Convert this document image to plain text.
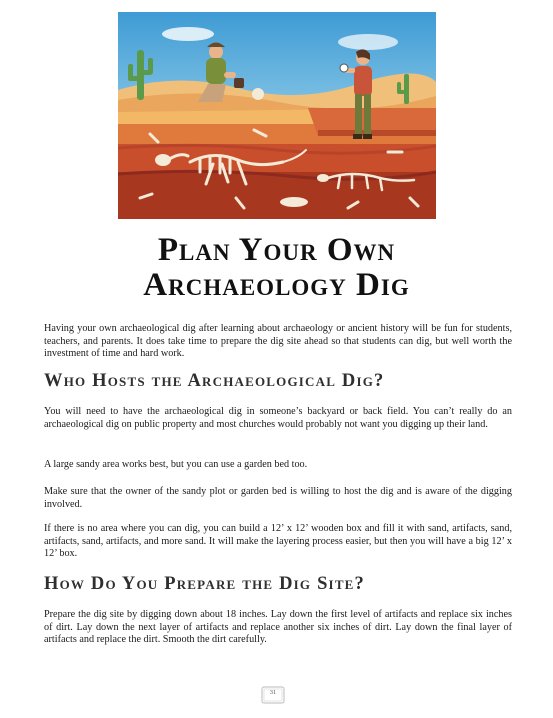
Plan Your Own
Archaeology Dig

Having your own archaeological dig after learning about archaeology or ancient history will be fun for students, teachers, and parents. It does take time to prepare the dig site ahead so that students can dig, but well worth the investment of time and hard work.

Who Hosts the Archaeological Dig?

You will need to have the archaeological dig in someone’s backyard or back field. You can’t really do an archaeological dig on public property and most churches would probably not want you digging up their land.

A large sandy area works best, but you can use a garden bed too.

Make sure that the owner of the sandy plot or garden bed is willing to host the dig and is aware of the digging involved.

If there is no area where you can dig, you can build a 12’ x 12’ wooden box and fill it with sand, artifacts, sand, artifacts, sand, artifacts, and more sand. It will make the layering process easier, but then you will have a big 12’ x 12’ box.

How Do You Prepare the Dig Site?

Prepare the dig site by digging down about 18 inches. Lay down the first level of artifacts and replace six inches of dirt. Lay down the next layer of artifacts and replace another six inches of dirt. Lay down the final layer of artifacts and replace the dirt. Smooth the dirt carefully.

31
